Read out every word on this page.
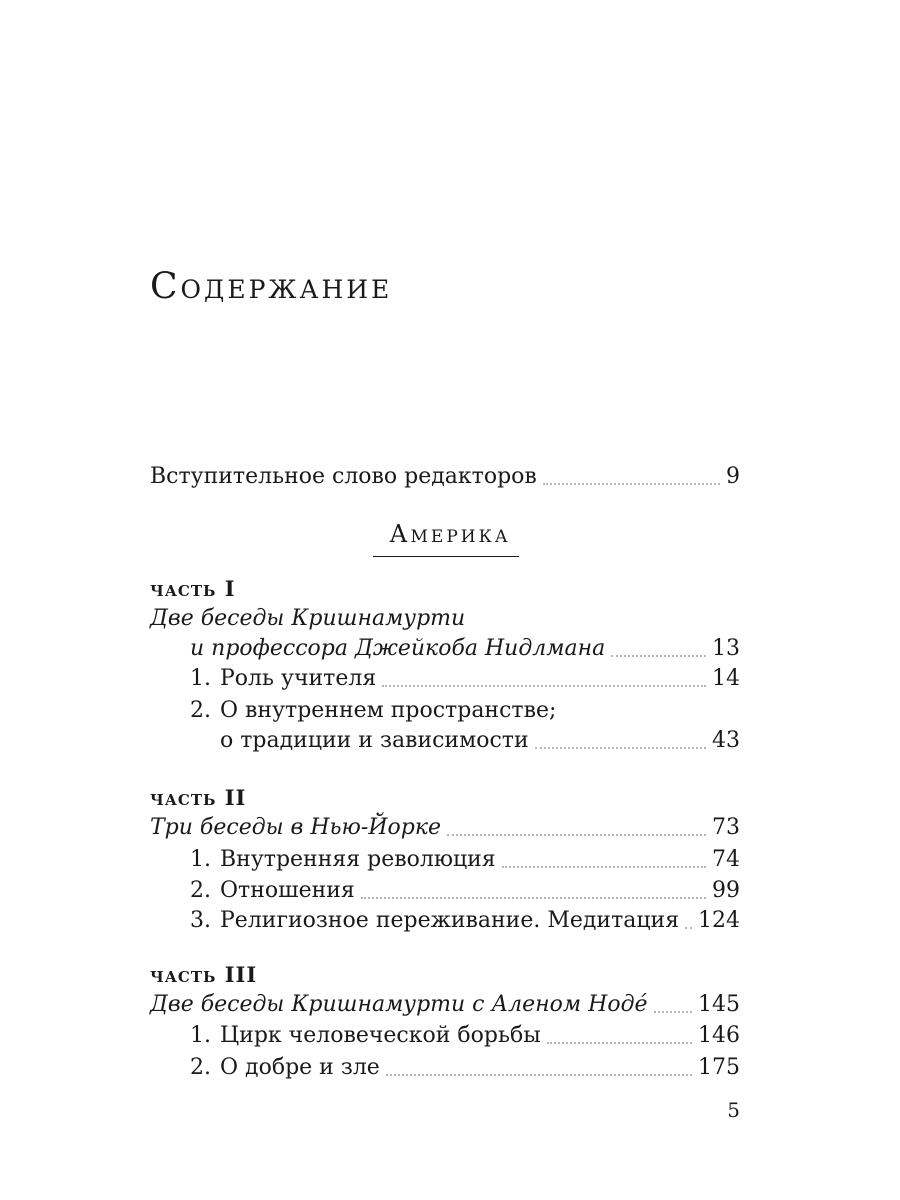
Содержание
Вступительное слово редакторов	9
Америка
часть I
Две беседы Кришнамурти
и профессора Джейкоба Нидлмана	13
1. Роль учителя	14
2. О внутреннем пространстве;
о традиции и зависимости	43
часть II
Три беседы в Нью-Йорке	73
1. Внутренняя революция	74
2. Отношения	99
3. Религиозное переживание. Медитация 124
часть III
Две беседы Кришнамурти с Аленом Нодé 145
1. Цирк человеческой борьбы	146
2. О добре и зле	175
5
